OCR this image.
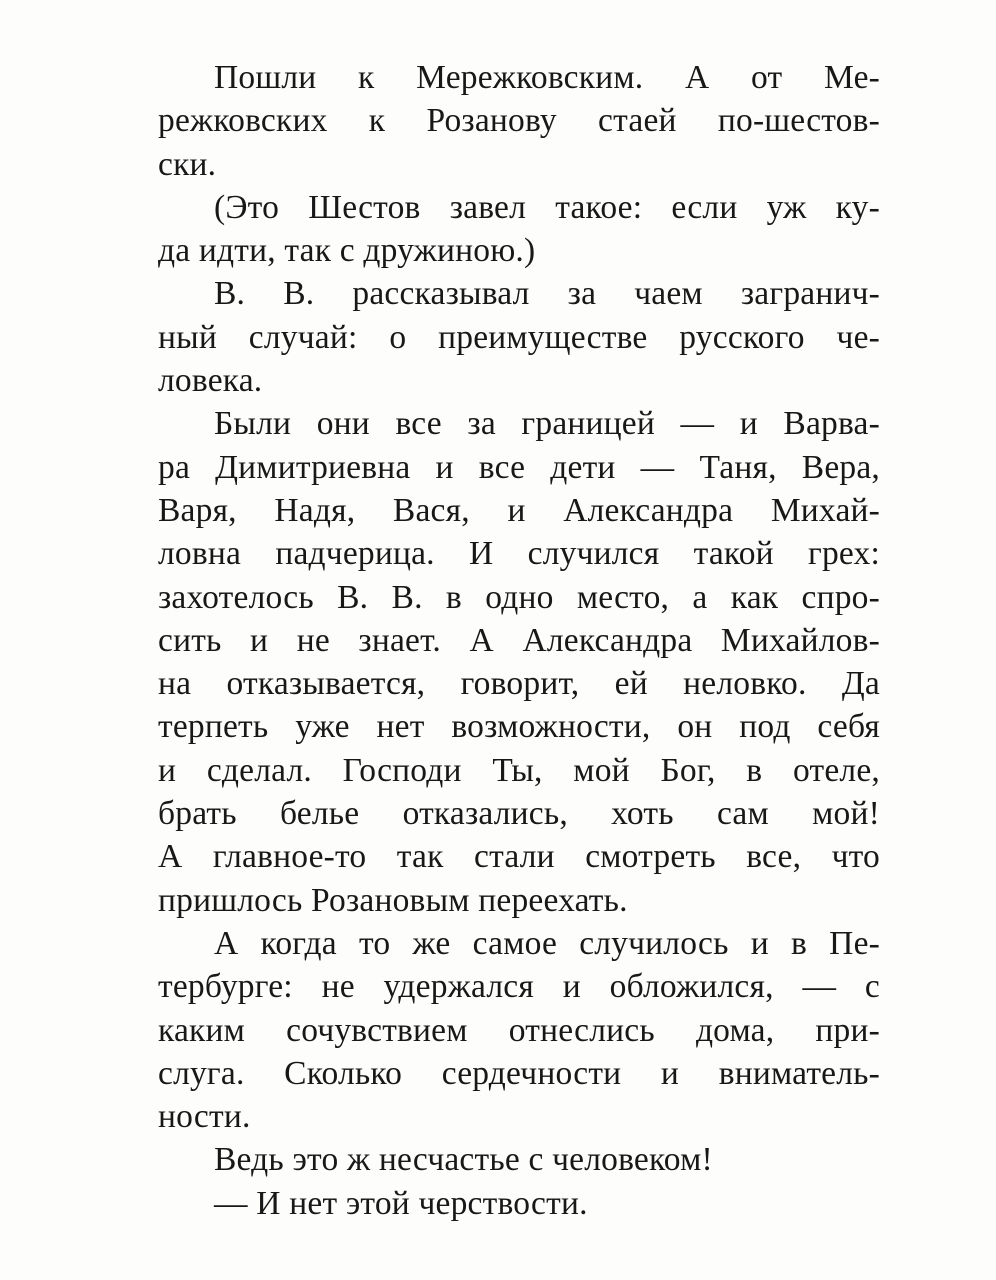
Пошли к Мережковским. А от Ме-
режковских к Розанову стаей по-шестов-
ски.
(Это Шестов завел такое: если уж ку-
да идти, так с дружиною.)
В. В. рассказывал за чаем загранич-
ный случай: о преимуществе русского че-
ловека.
Были они все за границей — и Варва-
ра Димитриевна и все дети — Таня, Вера,
Варя, Надя, Вася, и Александра Михай-
ловна падчерица. И случился такой грех:
захотелось В. В. в одно место, а как спро-
сить и не знает. А Александра Михайлов-
на отказывается, говорит, ей неловко. Да
терпеть уже нет возможности, он под себя
и сделал. Господи Ты, мой Бог, в отеле,
брать белье отказались, хоть сам мой!
А главное-то так стали смотреть все, что
пришлось Розановым переехать.
А когда то же самое случилось и в Пе-
тербурге: не удержался и обложился, — с
каким сочувствием отнеслись дома, при-
слуга. Сколько сердечности и вниматель-
ности.
Ведь это ж несчастье с человеком!
— И нет этой черствости.
